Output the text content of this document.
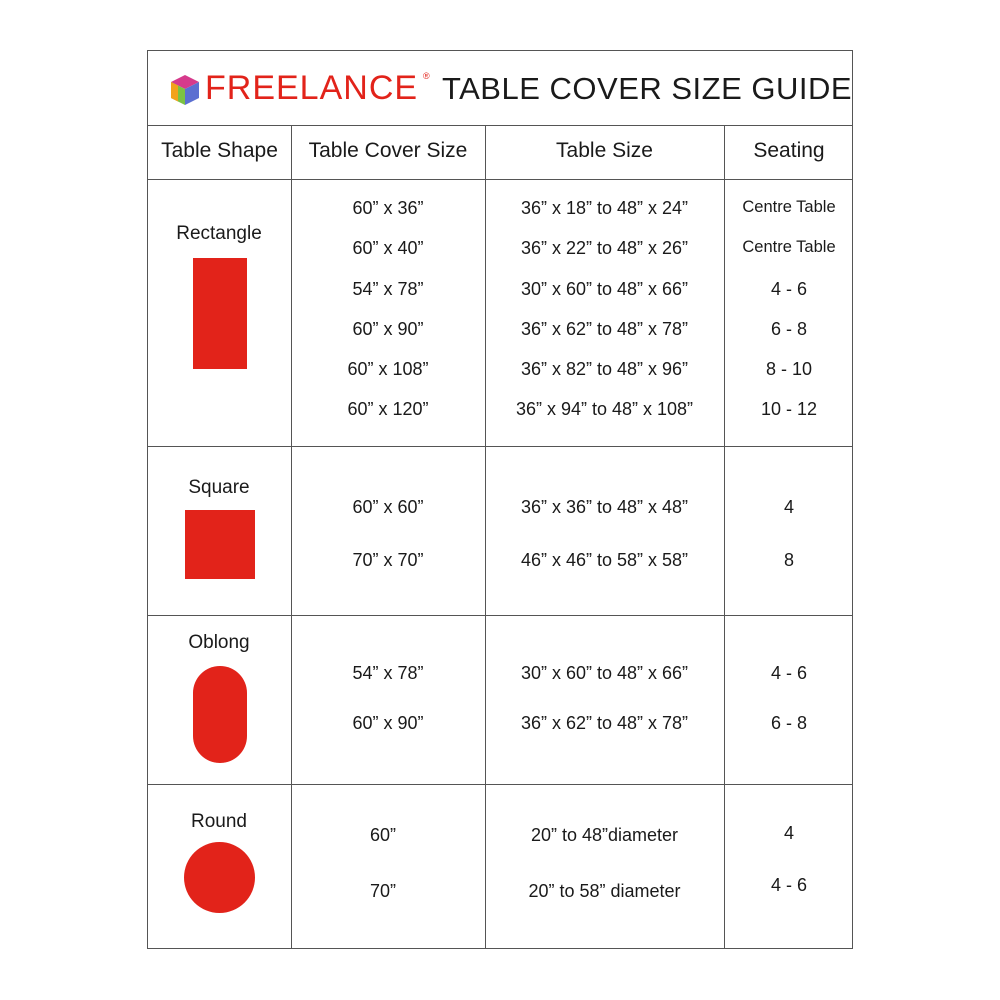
FREELANCE ® TABLE COVER SIZE GUIDE
Table Shape	Table Cover Size	Table Size	Seating
Rectangle
60” x 36”	36” x 18” to 48” x 24”	Centre Table
60” x 40”	36” x 22” to 48” x 26”	Centre Table
54” x 78”	30” x 60” to 48” x 66”	4 - 6
60” x 90”	36” x 62” to 48” x 78”	6 - 8
60” x 108”	36” x 82” to 48” x 96”	8 - 10
60” x 120”	36” x 94” to 48” x 108”	10 - 12
Square
60” x 60”	36” x 36” to 48” x 48”	4
70” x 70”	46” x 46” to 58” x 58”	8
Oblong
54” x 78”	30” x 60” to 48” x 66”	4 - 6
60” x 90”	36” x 62” to 48” x 78”	6 - 8
Round
60”	20” to 48”diameter	4
70”	20” to 58” diameter	4 - 6
